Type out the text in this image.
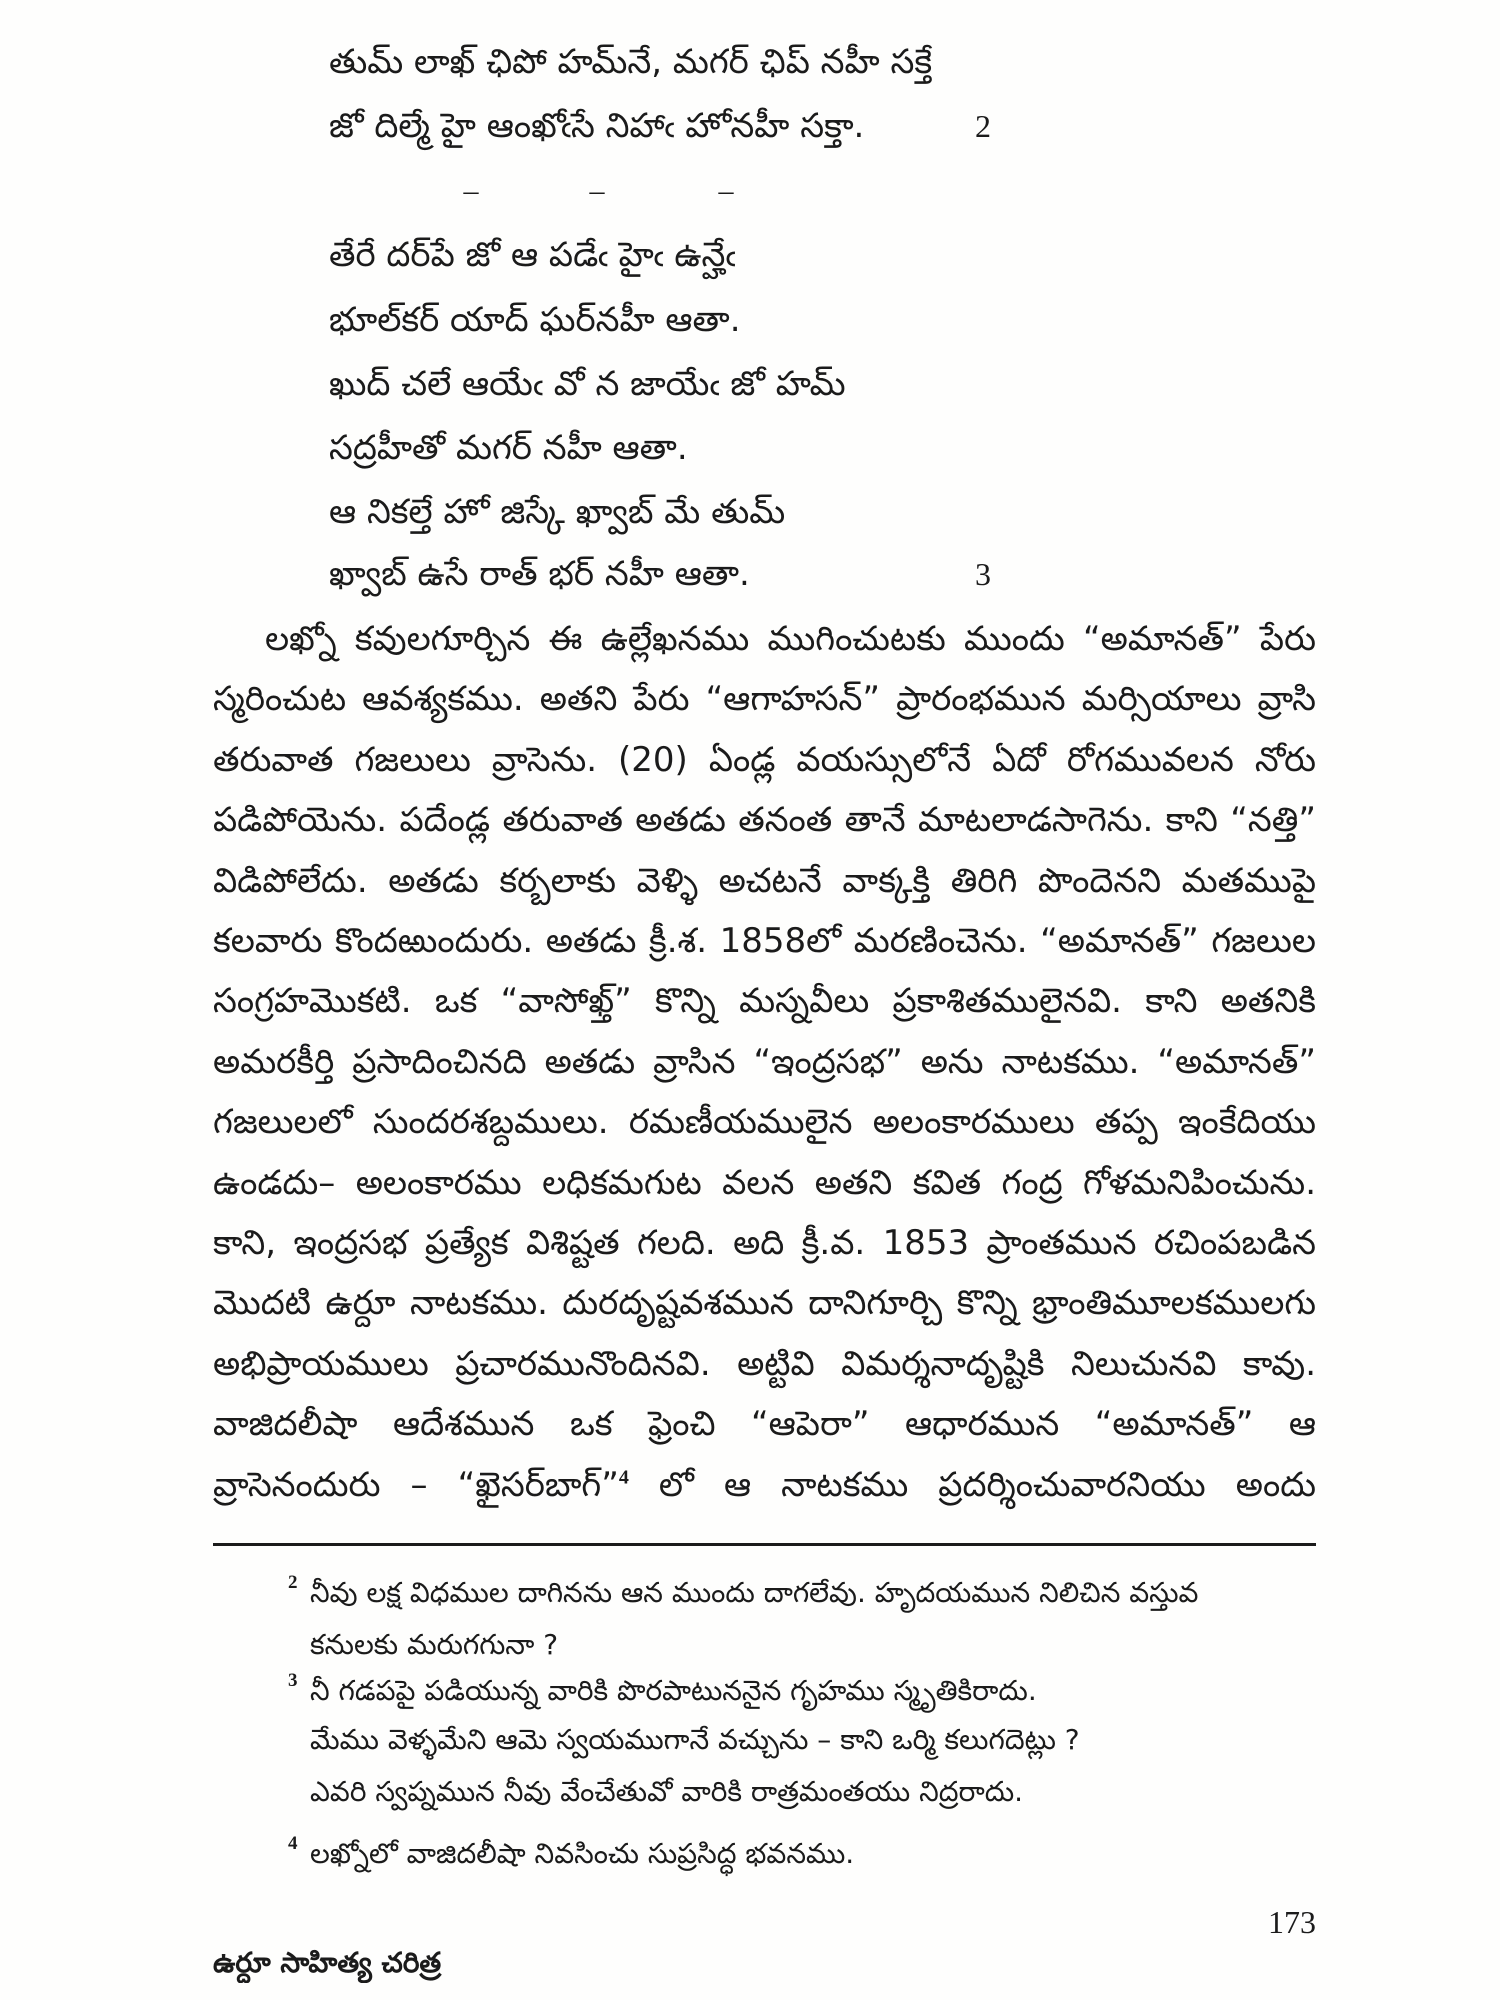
తుమ్ లాఖ్ ఛిపో హమ్‌నే, మగర్ ఛిప్ నహీ సక్తే
జో దిల్మే హై ఆంఖోఁసే నిహాఁ హోనహీ సక్తా.	2
–	–	–
తేరే దర్‌పే జో ఆ పడేఁ హైఁ ఉన్హేఁ
భూల్‌కర్ యాద్ ఘర్‌నహీ ఆతా.
ఖుద్ చలే ఆయేఁ వో న జాయేఁ జో హమ్
సద్రహీతో మగర్ నహీ ఆతా.
ఆ నికల్తే హో జిస్కే ఖ్వాబ్ మే తుమ్
ఖ్వాబ్ ఉసే రాత్ భర్ నహీ ఆతా.	3
లఖ్నో కవులగూర్చిన ఈ ఉల్లేఖనము ముగించుటకు ముందు “అమానత్” పేరు
స్మరించుట ఆవశ్యకము. అతని పేరు “ఆగాహసన్” ప్రారంభమున మర్సియాలు వ్రాసి
తరువాత గజలులు వ్రాసెను. (20) ఏండ్ల వయస్సులోనే ఏదో రోగమువలన నోరు
పడిపోయెను. పదేండ్ల తరువాత అతడు తనంత తానే మాటలాడసాగెను. కాని “నత్తి”
విడిపోలేదు. అతడు కర్బలాకు వెళ్ళి అచటనే వాక్కక్తి తిరిగి పొందెనని మతముపై
కలవారు కొందఱుందురు. అతడు క్రీ.శ. 1858లో మరణించెను. “అమానత్” గజలుల
సంగ్రహమొకటి. ఒక “వాసోఖ్త్” కొన్ని మస్నవీలు ప్రకాశితములైనవి. కాని అతనికి
అమరకీర్తి ప్రసాదించినది అతడు వ్రాసిన “ఇంద్రసభ” అను నాటకము. “అమానత్”
గజలులలో సుందరశబ్దములు. రమణీయములైన అలంకారములు తప్ప ఇంకేదియు
ఉండదు– అలంకారము లధికమగుట వలన అతని కవిత గంద్ర గోళమనిపించును.
కాని, ఇంద్రసభ ప్రత్యేక విశిష్టత గలది. అది క్రీ.వ. 1853 ప్రాంతమున రచింపబడిన
మొదటి ఉర్దూ నాటకము. దురదృష్టవశమున దానిగూర్చి కొన్ని భ్రాంతిమూలకములగు
అభిప్రాయములు ప్రచారమునొందినవి. అట్టివి విమర్శనాదృష్టికి నిలుచునవి కావు.
వాజిదలీషా ఆదేశమున ఒక ఫ్రెంచి “ఆపెరా” ఆధారమున “అమానత్” ఆ
వ్రాసెనందురు – “ఖైసర్‌బాగ్”$^4$ లో ఆ నాటకము ప్రదర్శించువారనియు అందు
2 నీవు లక్ష విధముల దాగినను ఆన ముందు దాగలేవు. హృదయమున నిలిచిన వస్తువ
కనులకు మరుగగునా ?
3 నీ గడపపై పడియున్న వారికి పొరపాటుననైన గృహము స్మృతికిరాదు.
మేము వెళ్ళమేని ఆమె స్వయముగానే వచ్చును – కాని ఒర్మి కలుగదెట్లు ?
ఎవరి స్వప్నమున నీవు వేంచేతువో వారికి రాత్రమంతయు నిద్రరాదు.
4 లఖ్నోలో వాజిదలీషా నివసించు సుప్రసిద్ధ భవనము.
173
ఉర్దూ సాహిత్య చరిత్ర
